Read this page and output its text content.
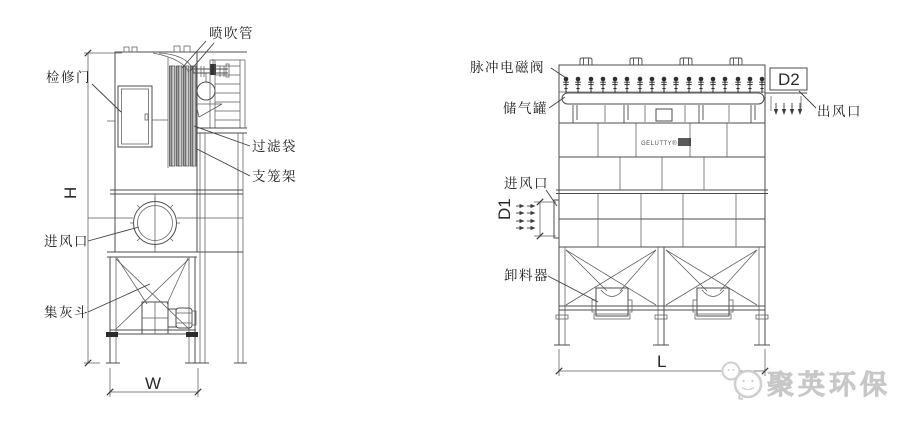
H
W
喷吹管
检修门
过滤袋
支笼架
进风口
集灰斗
GELUTTY®
D1
D2
L
脉冲电磁阀
储气罐
进风口
出风口
卸料器
聚英环保
